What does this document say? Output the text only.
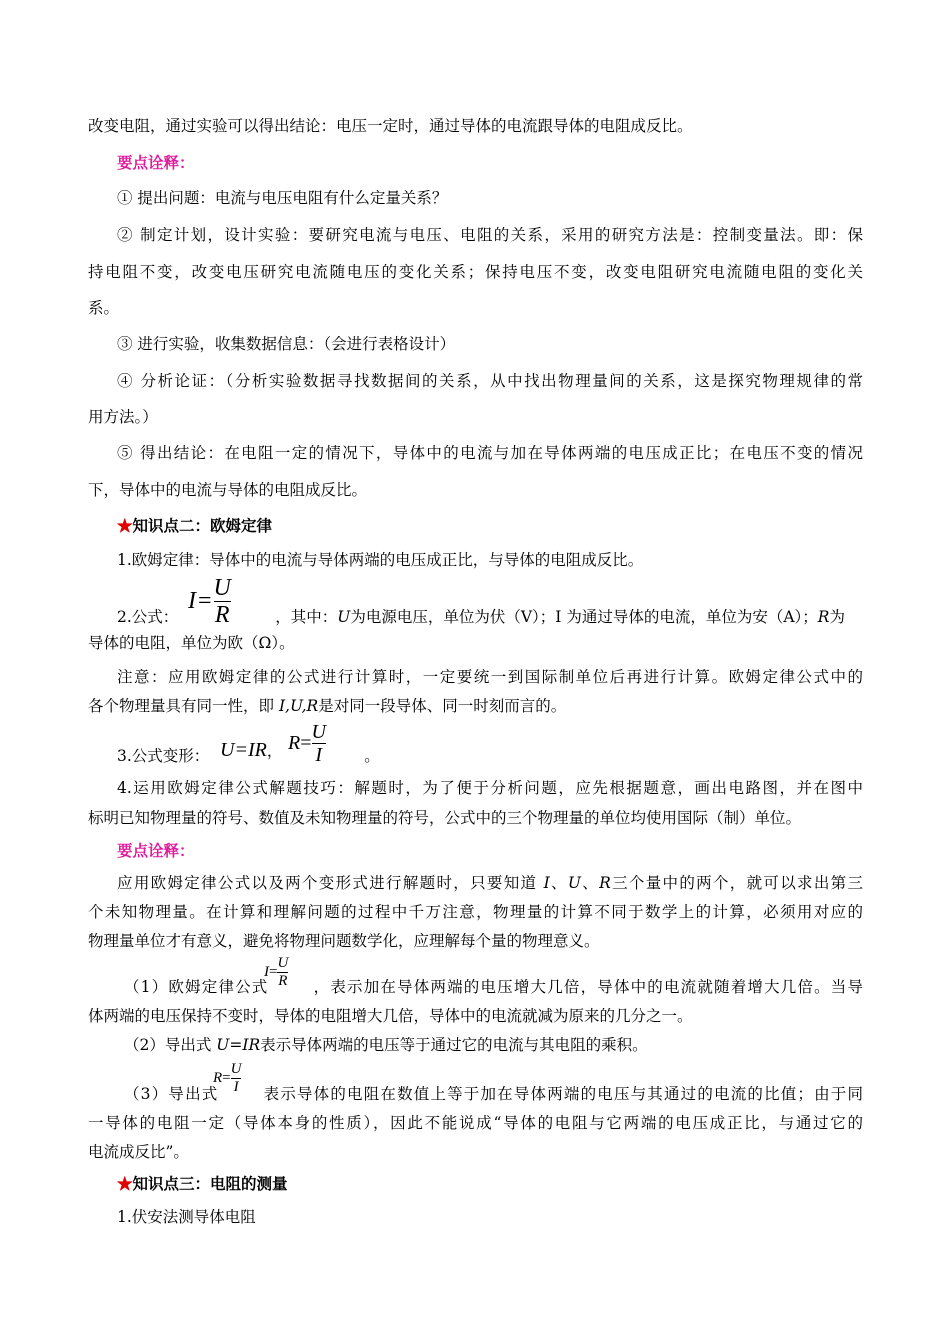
改变电阻，通过实验可以得出结论：电压一定时，通过导体的电流跟导体的电阻成反比。
要点诠释：
① 提出问题：电流与电压电阻有什么定量关系？
② 制定计划，设计实验：要研究电流与电压、电阻的关系，采用的研究方法是：控制变量法。即：保
持电阻不变，改变电压研究电流随电压的变化关系；保持电压不变，改变电阻研究电流随电阻的变化关
系。
③ 进行实验，收集数据信息：（会进行表格设计）
④ 分析论证：（分析实验数据寻找数据间的关系，从中找出物理量间的关系，这是探究物理规律的常
用方法。）
⑤ 得出结论：在电阻一定的情况下，导体中的电流与加在导体两端的电压成正比；在电压不变的情况
下，导体中的电流与导体的电阻成反比。
★知识点二：欧姆定律
1.欧姆定律：导体中的电流与导体两端的电压成正比，与导体的电阻成反比。
2.公式：	，其中：U为电源电压，单位为伏（V）；I 为通过导体的电流，单位为安（A）；R为
$I= \frac{U}{R}$
导体的电阻，单位为欧（Ω）。
注意：应用欧姆定律的公式进行计算时，一定要统一到国际制单位后再进行计算。欧姆定律公式中的
各个物理量具有同一性，即 I,U,R是对同一段导体、同一时刻而言的。
3.公式变形：	。
U=IR， $R= \frac{U}{I}$
4.运用欧姆定律公式解题技巧：解题时，为了便于分析问题，应先根据题意，画出电路图，并在图中
标明已知物理量的符号、数值及未知物理量的符号，公式中的三个物理量的单位均使用国际（制）单位。
要点诠释：
应用欧姆定律公式以及两个变形式进行解题时，只要知道 I、U、R三个量中的两个，就可以求出第三
个未知物理量。在计算和理解问题的过程中千万注意，物理量的计算不同于数学上的计算，必须用对应的
物理量单位才有意义，避免将物理问题数学化，应理解每个量的物理意义。
（1）欧姆定律公式	，表示加在导体两端的电压增大几倍，导体中的电流就随着增大几倍。当导
$I= \frac{U}{R}$
体两端的电压保持不变时，导体的电阻增大几倍，导体中的电流就减为原来的几分之一。
（2）导出式 U=IR表示导体两端的电压等于通过它的电流与其电阻的乘积。
（3）导出式	表示导体的电阻在数值上等于加在导体两端的电压与其通过的电流的比值；由于同
$R= \frac{U}{I}$
一导体的电阻一定（导体本身的性质），因此不能说成“导体的电阻与它两端的电压成正比，与通过它的
电流成反比”。
★知识点三：电阻的测量
1.伏安法测导体电阻
